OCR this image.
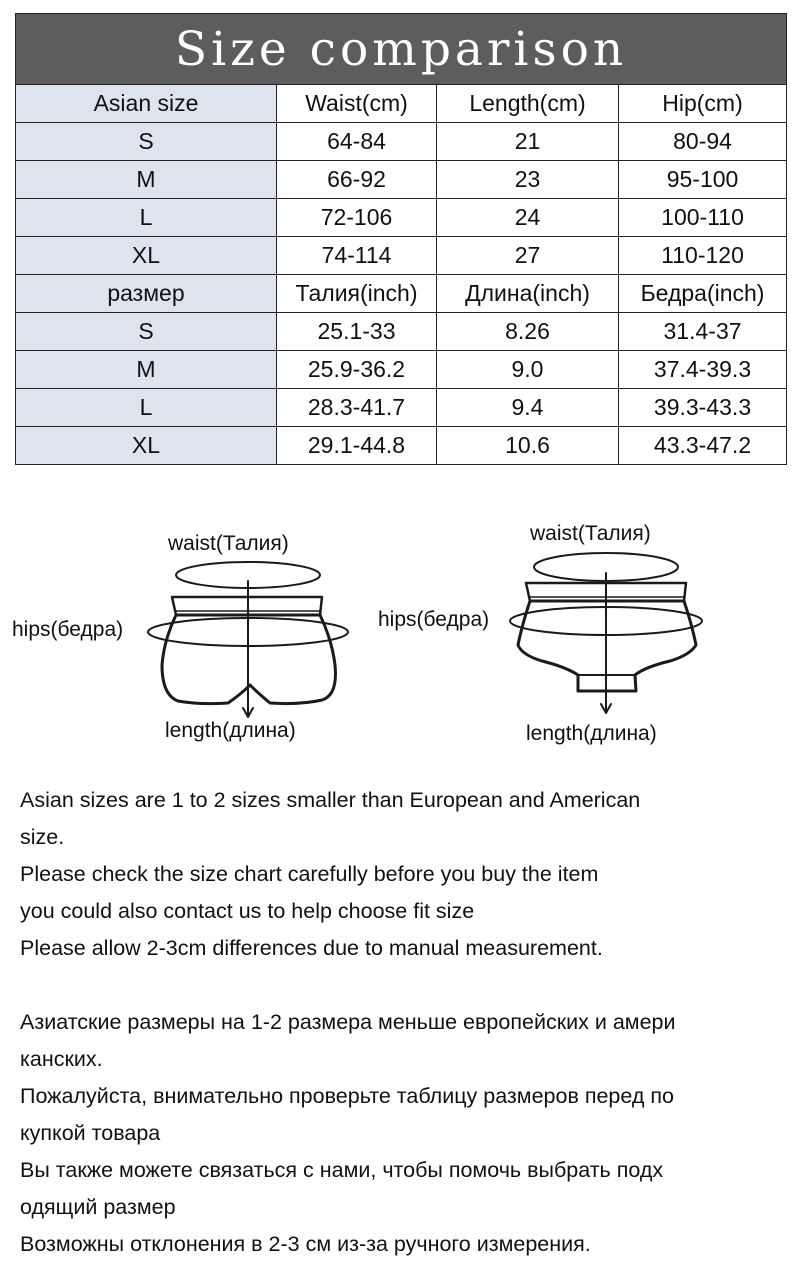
Size comparison			
Asian size	Waist(cm)	Length(cm)	Hip(cm)
S	64-84	21	80-94
M	66-92	23	95-100
L	72-106	24	100-110
XL	74-114	27	110-120
размер	Талия(inch)	Длина(inch)	Бедра(inch)
S	25.1-33	8.26	31.4-37
M	25.9-36.2	9.0	37.4-39.3
L	28.3-41.7	9.4	39.3-43.3
XL	29.1-44.8	10.6	43.3-47.2
waist(Талия)
hips(бедра)
length(длина)
waist(Талия)
hips(бедра)
length(длина)

Asian sizes are 1 to 2 sizes smaller than European and American

size.

Please check the size chart carefully before you buy the item

you could also contact us to help choose fit size

Please allow 2-3cm differences due to manual measurement.

Азиатские размеры на 1-2 размера меньше европейских и амери

канских.

Пожалуйста, внимательно проверьте таблицу размеров перед по

купкой товара

Вы также можете связаться с нами, чтобы помочь выбрать подх

одящий размер

Возможны отклонения в 2-3 см из-за ручного измерения.
